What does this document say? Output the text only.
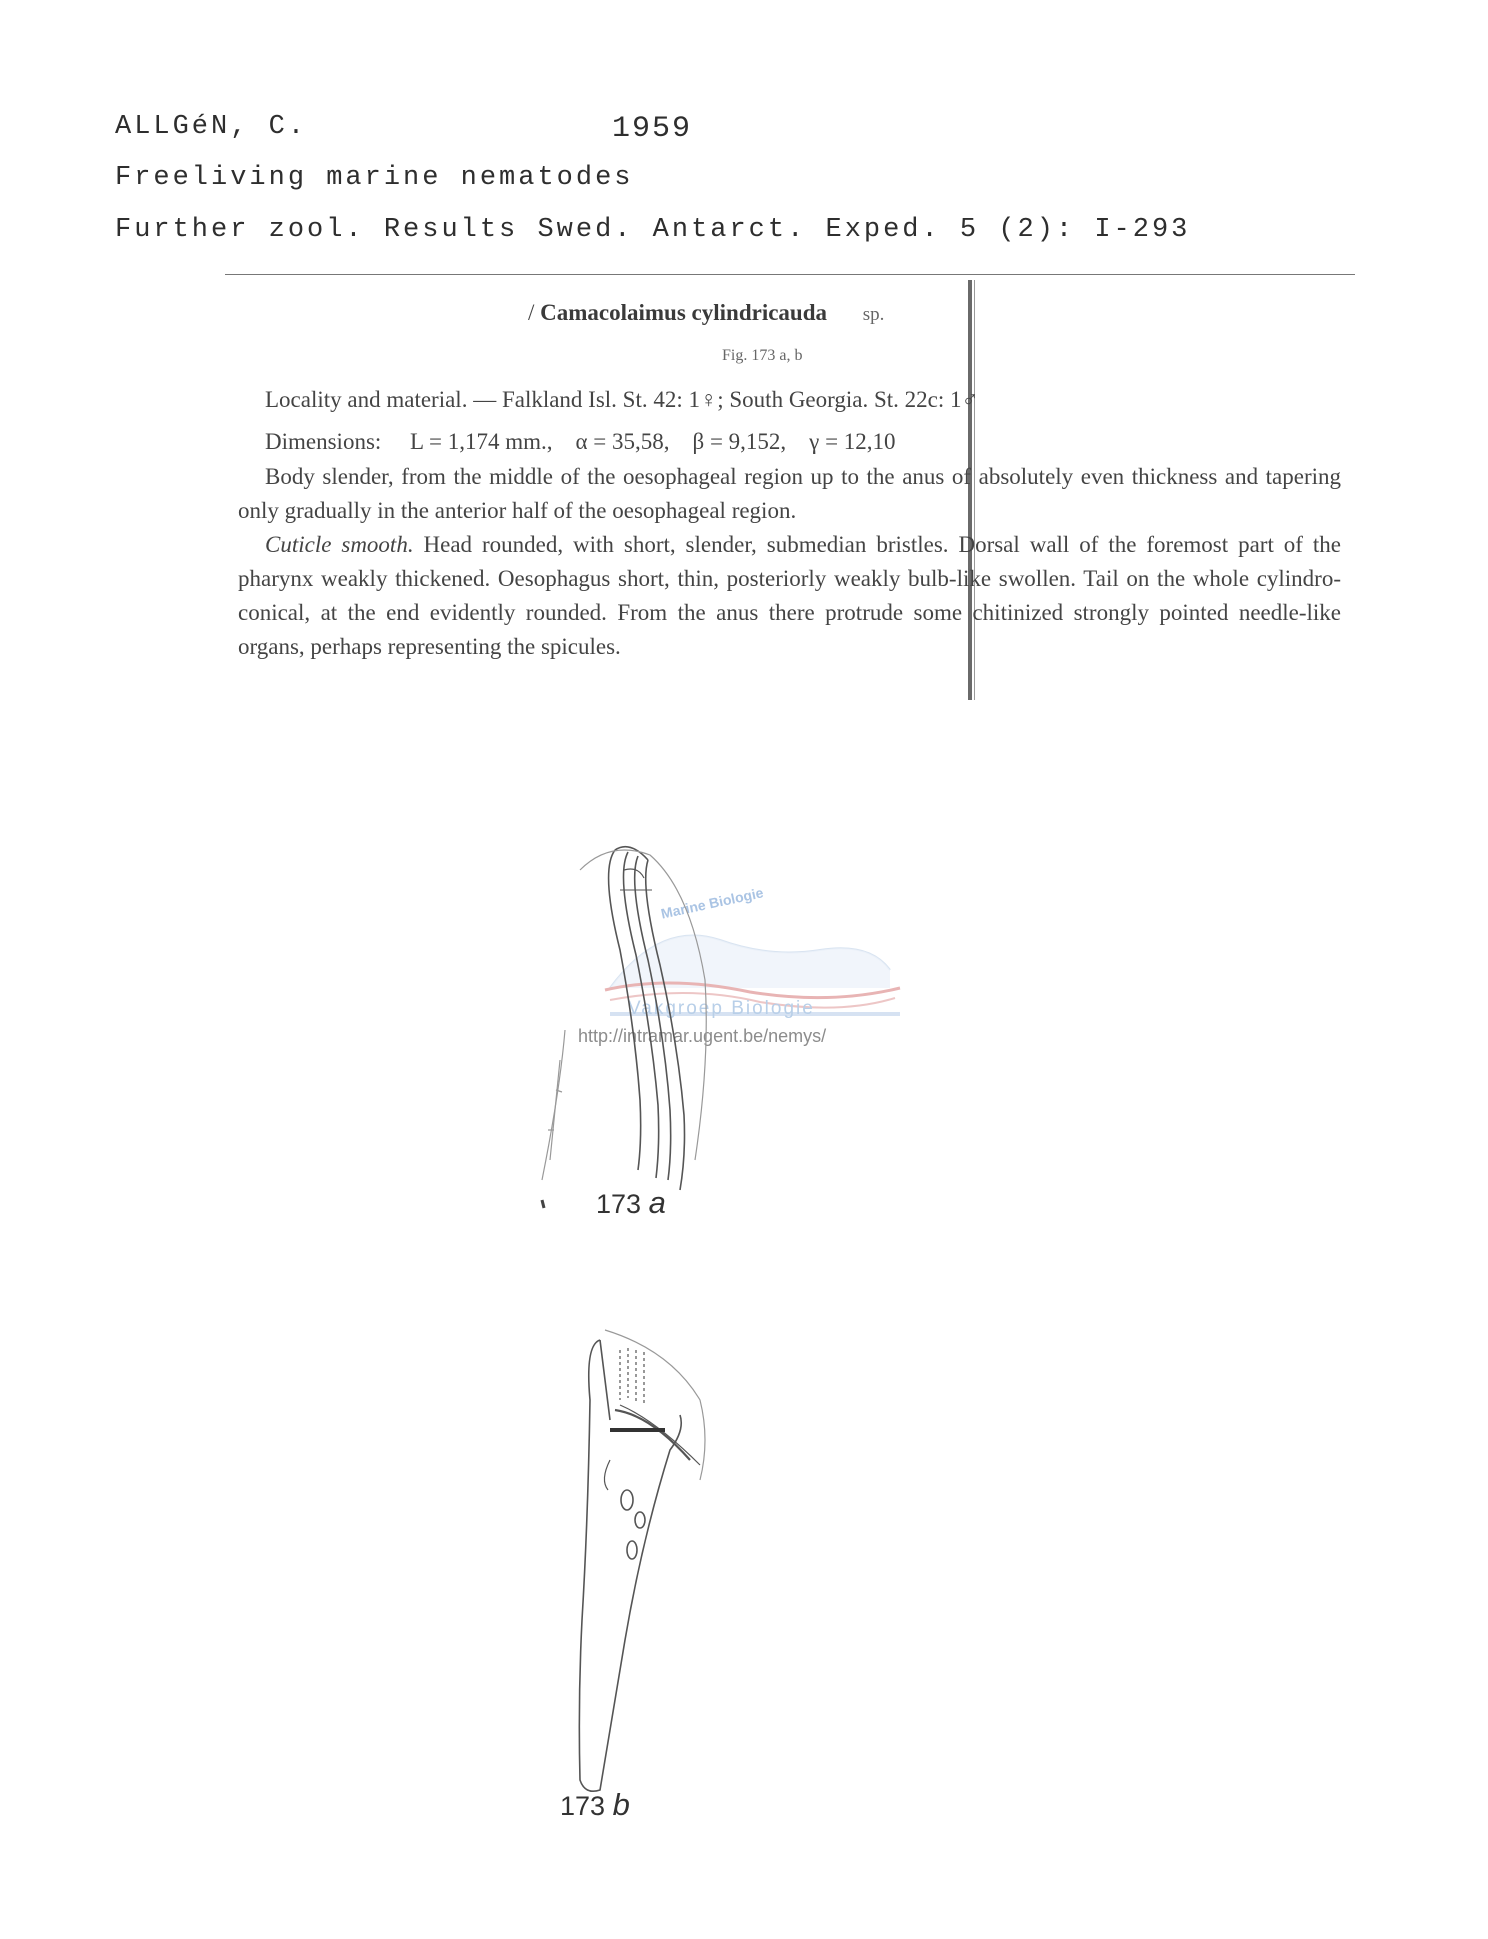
ALLGéN, C.	1959
Freeliving marine nematodes
Further zool. Results Swed. Antarct. Exped. 5 (2): I-293
/ Camacolaimus cylindricauda sp.
Fig. 173 a, b
Locality and material. — Falkland Isl. St. 42: 1♀; South Georgia. St. 22c: 1♂
Dimensions:     L = 1,174 mm.,    α = 35,58,    β = 9,152,    γ = 12,10
Body slender, from the middle of the oesophageal region up to the anus of absolutely even thickness and tapering only gradually in the anterior half of the oesophageal region.
Cuticle smooth. Head rounded, with short, slender, submedian bristles. Dorsal wall of the foremost part of the pharynx weakly thickened. Oesophagus short, thin, posteriorly weakly bulb-like swollen. Tail on the whole cylindro-conical, at the end evidently rounded. From the anus there protrude some chitinized strongly pointed needle-like organs, perhaps representing the spicules.
Marine Biologie
Vakgroep Biologie
http://intramar.ugent.be/nemys/
173 a
173 b
